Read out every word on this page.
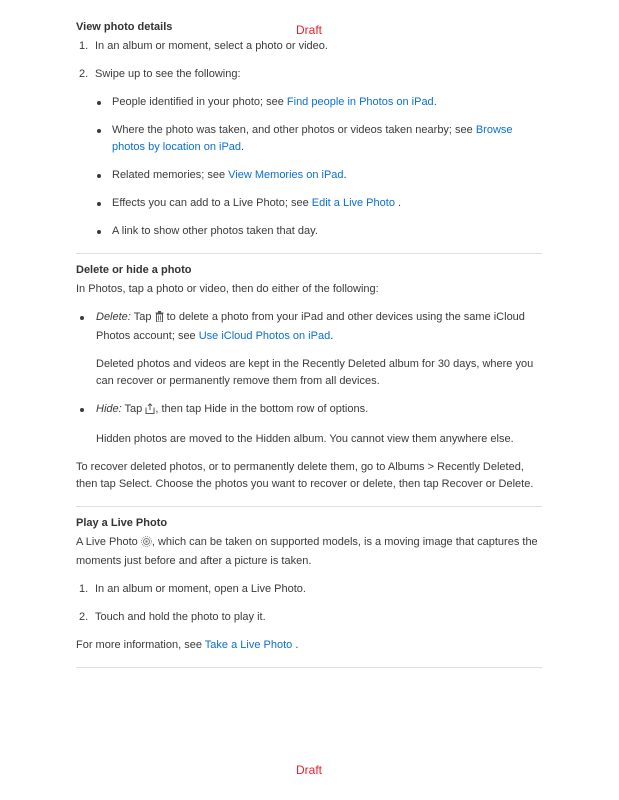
Draft
View photo details
1. In an album or moment, select a photo or video.
2. Swipe up to see the following:
People identified in your photo; see Find people in Photos on iPad.
Where the photo was taken, and other photos or videos taken nearby; see Browse photos by location on iPad.
Related memories; see View Memories on iPad.
Effects you can add to a Live Photo; see Edit a Live Photo .
A link to show other photos taken that day.
Delete or hide a photo

In Photos, tap a photo or video, then do either of the following:

Delete: Tap to delete a photo from your iPad and other devices using the same iCloud Photos account; see Use iCloud Photos on iPad.

Deleted photos and videos are kept in the Recently Deleted album for 30 days, where you can recover or permanently remove them from all devices.

Hide: Tap , then tap Hide in the bottom row of options.

Hidden photos are moved to the Hidden album. You cannot view them anywhere else.

To recover deleted photos, or to permanently delete them, go to Albums > Recently Deleted, then tap Select. Choose the photos you want to recover or delete, then tap Recover or Delete.

Play a Live Photo

A Live Photo , which can be taken on supported models, is a moving image that captures the moments just before and after a picture is taken.

1. In an album or moment, open a Live Photo.
2. Touch and hold the photo to play it.

For more information, see Take a Live Photo .

Draft
